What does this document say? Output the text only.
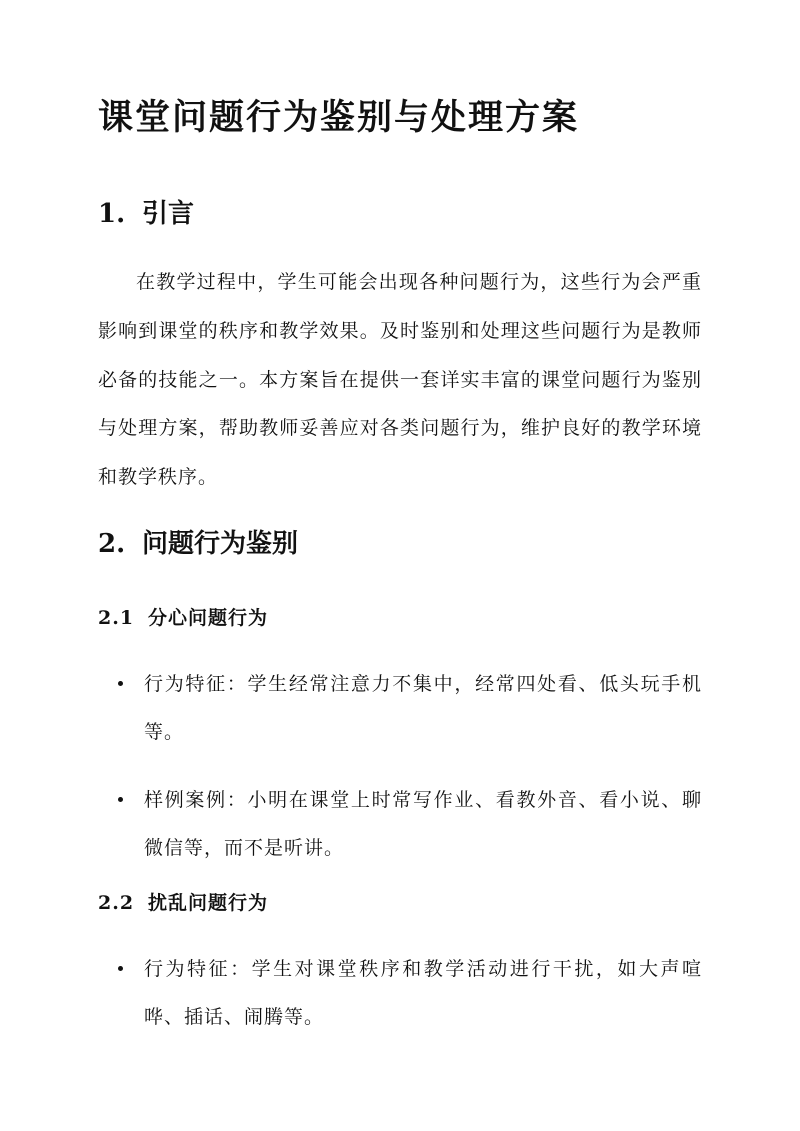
课堂问题行为鉴别与处理方案
1. 引言

在教学过程中，学生可能会出现各种问题行为，这些行为会严重影响到课堂的秩序和教学效果。及时鉴别和处理这些问题行为是教师必备的技能之一。本方案旨在提供一套详实丰富的课堂问题行为鉴别与处理方案，帮助教师妥善应对各类问题行为，维护良好的教学环境和教学秩序。

2. 问题行为鉴别
2.1 分心问题行为
行为特征：学生经常注意力不集中，经常四处看、低头玩手机等。
样例案例：小明在课堂上时常写作业、看教外音、看小说、聊微信等，而不是听讲。
2.2 扰乱问题行为
行为特征：学生对课堂秩序和教学活动进行干扰，如大声喧哗、插话、闹腾等。
